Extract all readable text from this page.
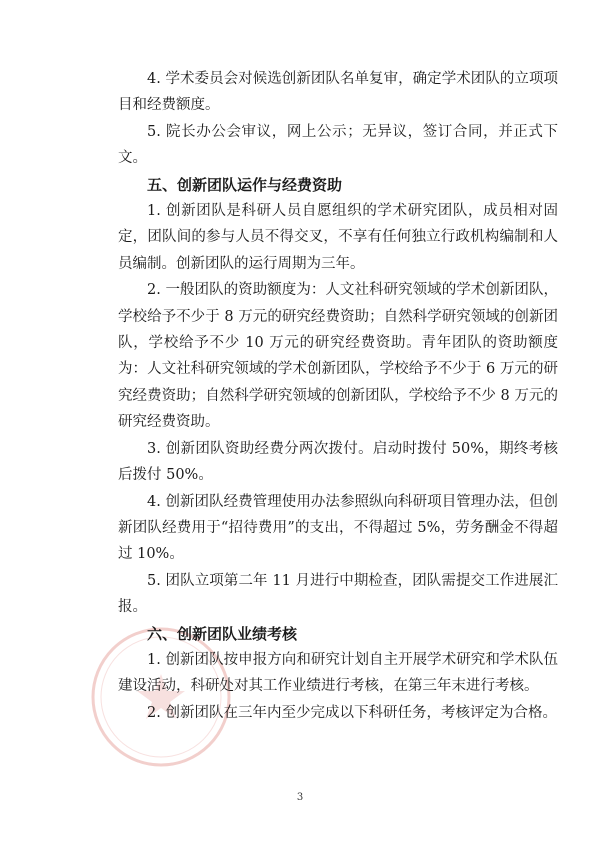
4. 学术委员会对候选创新团队名单复审，确定学术团队的立项项目和经费额度。

5. 院长办公会审议，网上公示；无异议，签订合同，并正式下文。

五、创新团队运作与经费资助

1. 创新团队是科研人员自愿组织的学术研究团队，成员相对固定，团队间的参与人员不得交叉，不享有任何独立行政机构编制和人员编制。创新团队的运行周期为三年。

2. 一般团队的资助额度为：人文社科研究领域的学术创新团队，学校给予不少于 8 万元的研究经费资助；自然科学研究领域的创新团队，学校给予不少 10 万元的研究经费资助。青年团队的资助额度为：人文社科研究领域的学术创新团队，学校给予不少于 6 万元的研究经费资助；自然科学研究领域的创新团队，学校给予不少 8 万元的研究经费资助。

3. 创新团队资助经费分两次拨付。启动时拨付 50%，期终考核后拨付 50%。

4. 创新团队经费管理使用办法参照纵向科研项目管理办法，但创新团队经费用于“招待费用”的支出，不得超过 5%，劳务酬金不得超过 10%。

5. 团队立项第二年 11 月进行中期检查，团队需提交工作进展汇报。

六、创新团队业绩考核

1. 创新团队按申报方向和研究计划自主开展学术研究和学术队伍建设活动，科研处对其工作业绩进行考核，在第三年末进行考核。

2. 创新团队在三年内至少完成以下科研任务，考核评定为合格。

3
